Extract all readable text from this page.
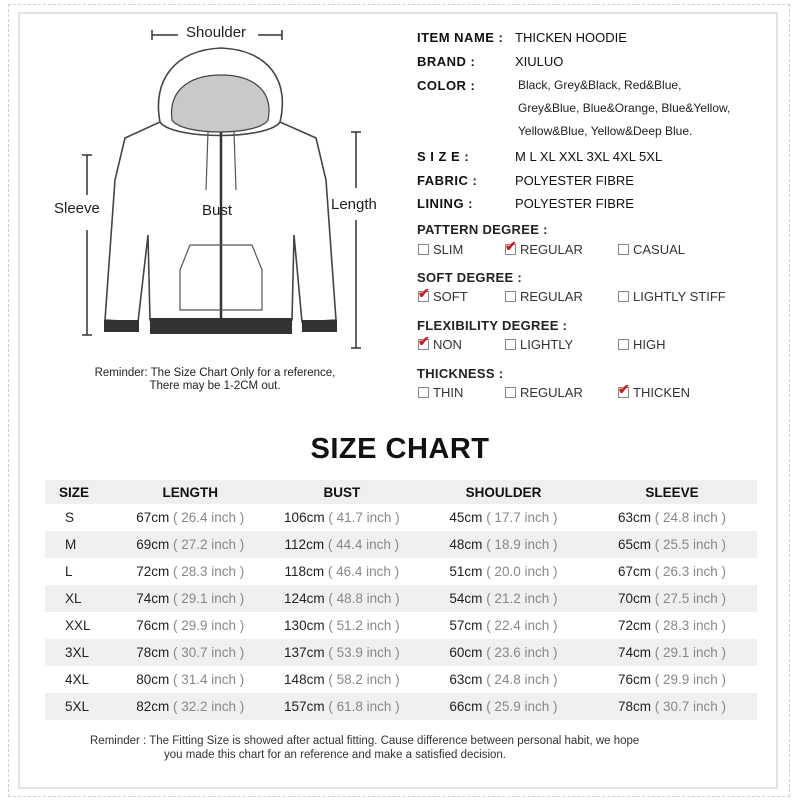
Shoulder
Sleeve	Bust	Length
Reminder: The Size Chart Only for a reference,
There may be 1-2CM out.
ITEM NAME : THICKEN HOODIE
BRAND :	XIULUO
COLOR :	Black, Grey&Black, Red&Blue,
Grey&Blue, Blue&Orange, Blue&Yellow,
Yellow&Blue, Yellow&Deep Blue.
S I Z E :	M L XL XXL 3XL 4XL 5XL
FABRIC :	POLYESTER FIBRE
LINING :	POLYESTER FIBRE
PATTERN DEGREE :
SLIM	✔ REGULAR	CASUAL
SOFT DEGREE :
✔ SOFT	REGULAR	LIGHTLY STIFF
FLEXIBILITY DEGREE :
✔ NON	LIGHTLY	HIGH
THICKNESS :
THIN	REGULAR	✔ THICKEN
SIZE CHART
SIZE	LENGTH	BUST	SHOULDER	SLEEVE
S	67cm ( 26.4 inch )	106cm ( 41.7 inch )	45cm ( 17.7 inch )	63cm ( 24.8 inch )
M	69cm ( 27.2 inch )	112cm ( 44.4 inch )	48cm ( 18.9 inch )	65cm ( 25.5 inch )
L	72cm ( 28.3 inch )	118cm ( 46.4 inch )	51cm ( 20.0 inch )	67cm ( 26.3 inch )
XL	74cm ( 29.1 inch )	124cm ( 48.8 inch )	54cm ( 21.2 inch )	70cm ( 27.5 inch )
XXL	76cm ( 29.9 inch )	130cm ( 51.2 inch )	57cm ( 22.4 inch )	72cm ( 28.3 inch )
3XL	78cm ( 30.7 inch )	137cm ( 53.9 inch )	60cm ( 23.6 inch )	74cm ( 29.1 inch )
4XL	80cm ( 31.4 inch )	148cm ( 58.2 inch )	63cm ( 24.8 inch )	76cm ( 29.9 inch )
5XL	82cm ( 32.2 inch )	157cm ( 61.8 inch )	66cm ( 25.9 inch )	78cm ( 30.7 inch )
Reminder : The Fitting Size is showed after actual fitting. Cause difference between personal habit, we hope
you made this chart for an reference and make a satisfied decision.
